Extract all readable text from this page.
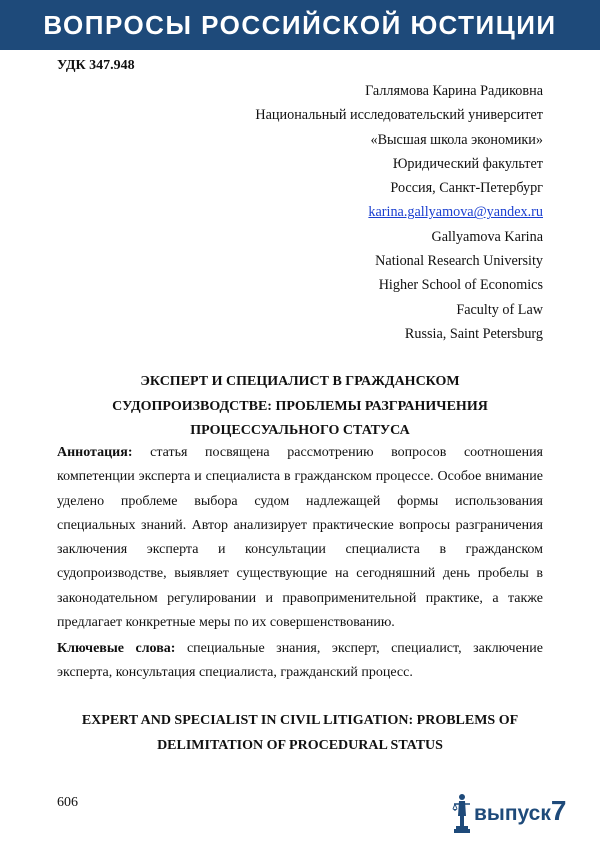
ВОПРОСЫ РОССИЙСКОЙ ЮСТИЦИИ
УДК 347.948
Галлямова Карина Радиковна
Национальный исследовательский университет
«Высшая школа экономики»
Юридический факультет
Россия, Санкт-Петербург
karina.gallyamova@yandex.ru
Gallyamova Karina
National Research University
Higher School of Economics
Faculty of Law
Russia, Saint Petersburg
ЭКСПЕРТ И СПЕЦИАЛИСТ В ГРАЖДАНСКОМ
СУДОПРОИЗВОДСТВЕ: ПРОБЛЕМЫ РАЗГРАНИЧЕНИЯ
ПРОЦЕССУАЛЬНОГО СТАТУСА
Аннотация: статья посвящена рассмотрению вопросов соотношения компетенции эксперта и специалиста в гражданском процессе. Особое внимание уделено проблеме выбора судом надлежащей формы использования специальных знаний. Автор анализирует практические вопросы разграничения заключения эксперта и консультации специалиста в гражданском судопроизводстве, выявляет существующие на сегодняшний день пробелы в законодательном регулировании и правоприменительной практике, а также предлагает конкретные меры по их совершенствованию.
Ключевые слова: специальные знания, эксперт, специалист, заключение эксперта, консультация специалиста, гражданский процесс.
EXPERT AND SPECIALIST IN CIVIL LITIGATION: PROBLEMS OF
DELIMITATION OF PROCEDURAL STATUS
606	выпуск7
